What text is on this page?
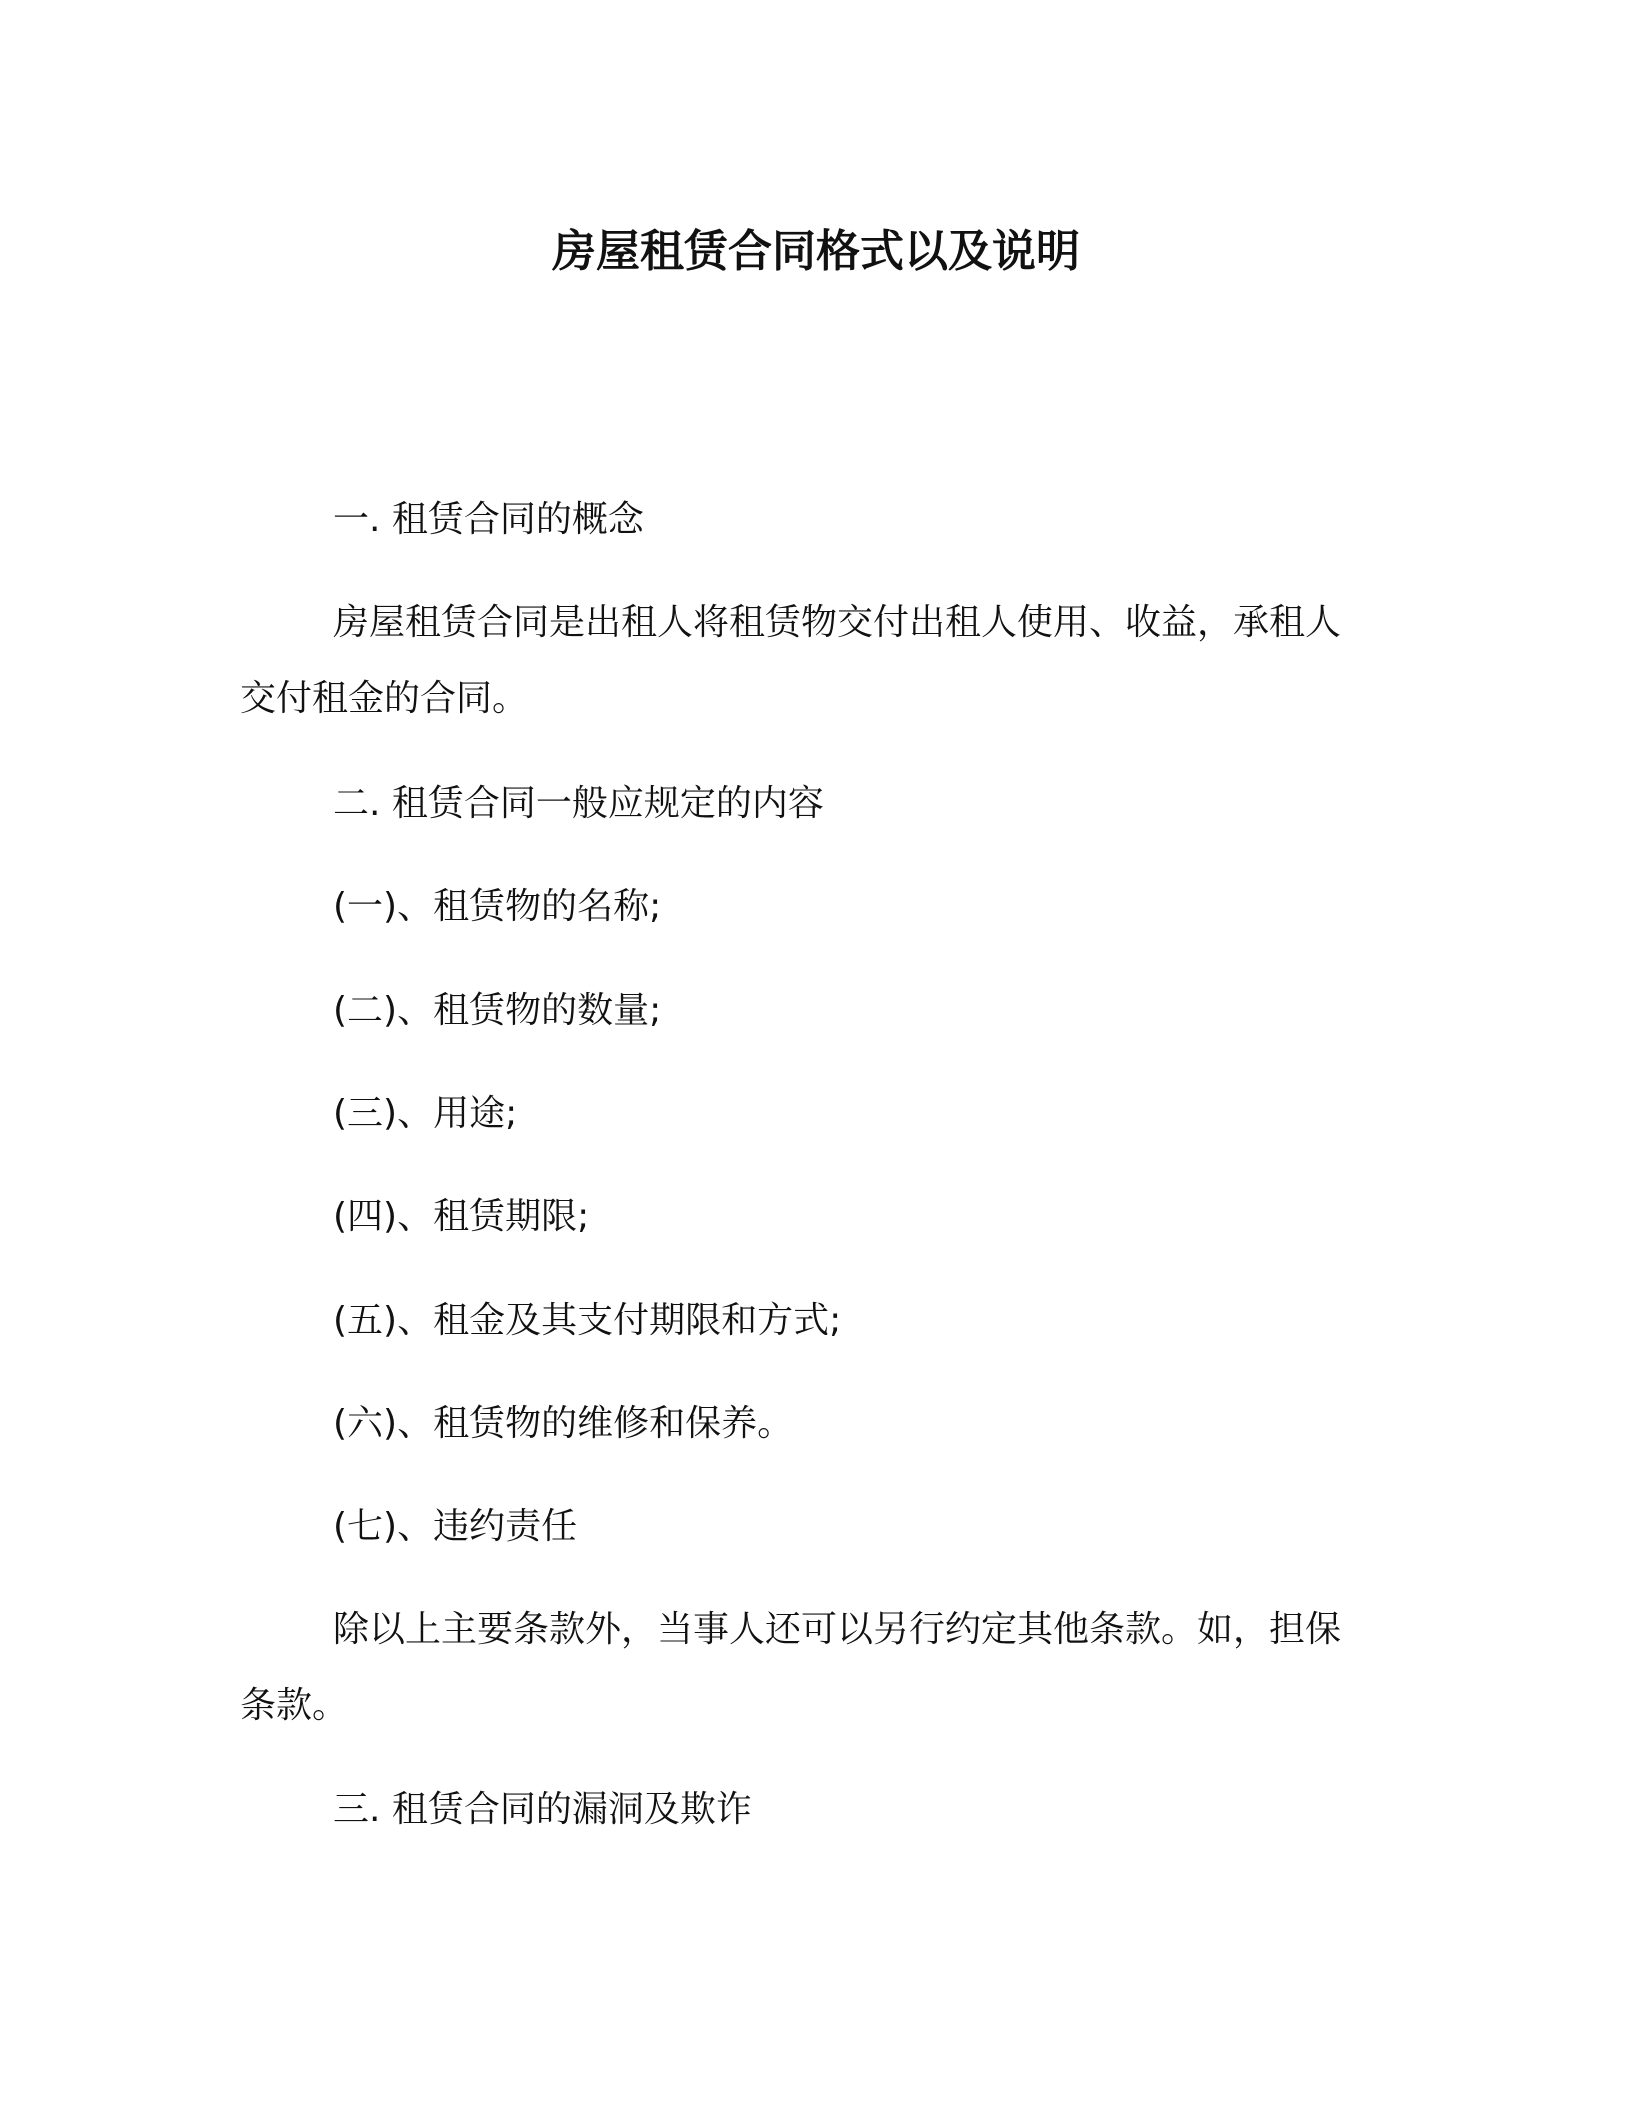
房屋租赁合同格式以及说明

一. 租赁合同的概念

房屋租赁合同是出租人将租赁物交付出租人使用、收益，承租人

交付租金的合同。

二. 租赁合同一般应规定的内容

(一)、租赁物的名称;

(二)、租赁物的数量;

(三)、用途;

(四)、租赁期限;

(五)、租金及其支付期限和方式;

(六)、租赁物的维修和保养。

(七)、违约责任

除以上主要条款外，当事人还可以另行约定其他条款。如，担保

条款。

三. 租赁合同的漏洞及欺诈
